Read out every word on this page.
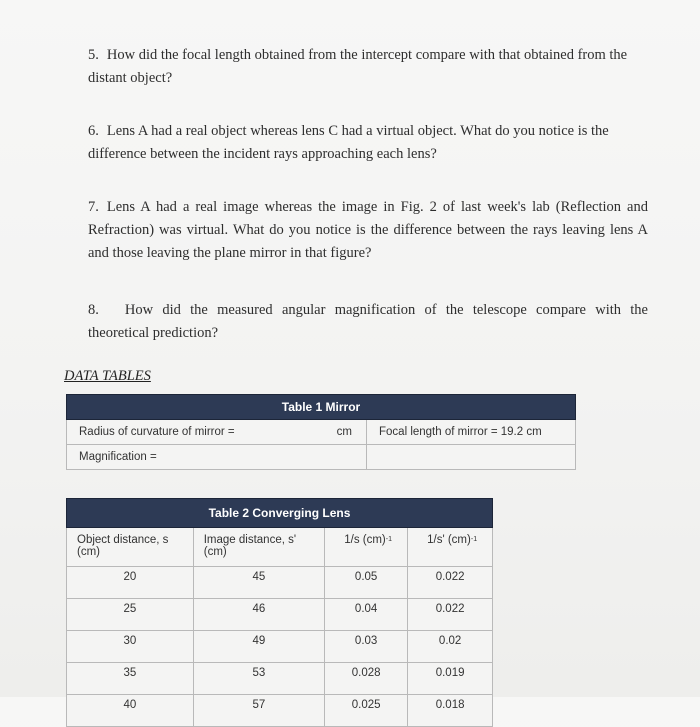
5. How did the focal length obtained from the intercept compare with that obtained from the distant object?
6. Lens A had a real object whereas lens C had a virtual object. What do you notice is the difference between the incident rays approaching each lens?
7. Lens A had a real image whereas the image in Fig. 2 of last week's lab (Reflection and Refraction) was virtual. What do you notice is the difference between the rays leaving lens A and those leaving the plane mirror in that figure?
8. How did the measured angular magnification of the telescope compare with the theoretical prediction?
DATA TABLES
Table 1 Mirror		
Radius of curvature of mirror =	cm	Focal length of mirror = 19.2 cm
Magnification =		
Table 2 Converging Lens			
Object distance, s (cm)	Image distance, s' (cm)	1/s (cm)$^{-1}$	1/s' (cm)$^{-1}$
20	45	0.05	0.022
25	46	0.04	0.022
30	49	0.03	0.02
35	53	0.028	0.019
40	57	0.025	0.018
